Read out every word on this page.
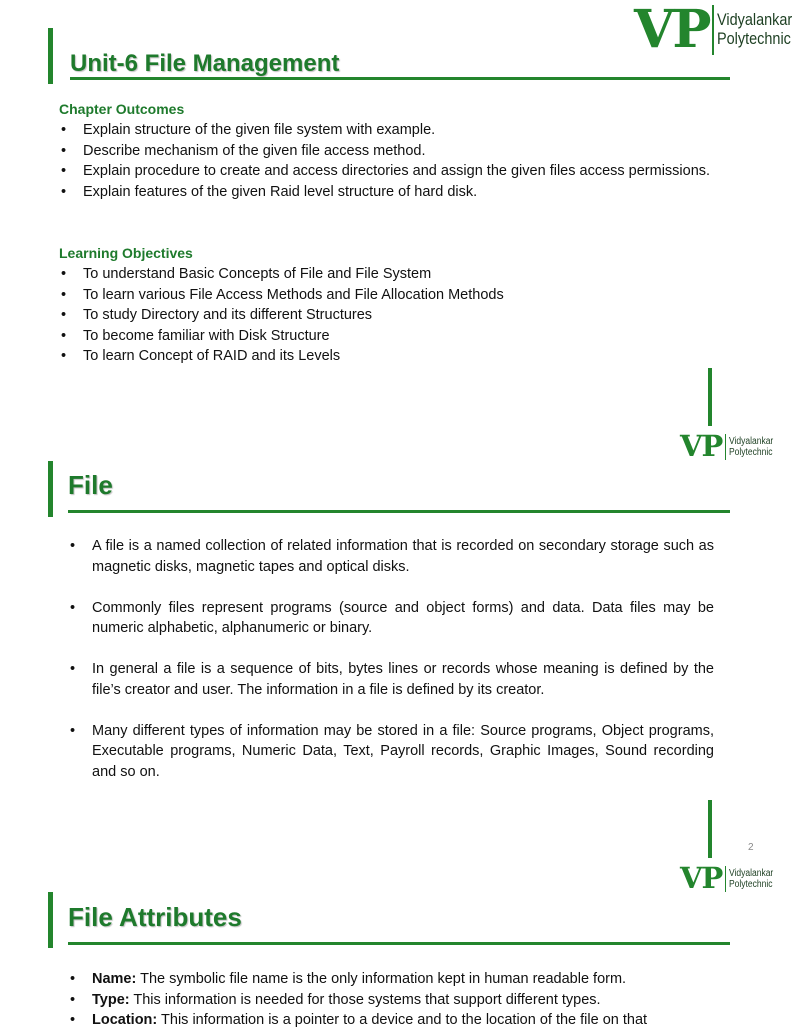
Unit-6 File Management
VP Vidyalankar
Polytechnic
Chapter Outcomes
• Explain structure of the given file system with example.
• Describe mechanism of the given file access method.
• Explain procedure to create and access directories and assign the given files access permissions.
• Explain features of the given Raid level structure of hard disk.
Learning Objectives
• To understand Basic Concepts of File and File System
• To learn various File Access Methods and File Allocation Methods
• To study Directory and its different Structures
• To become familiar with Disk Structure
• To learn Concept of RAID and its Levels
VP Vidyalankar
Polytechnic
File
• A file is a named collection of related information that is recorded on secondary storage such as magnetic disks, magnetic tapes and optical disks.
• Commonly files represent programs (source and object forms) and data. Data files may be numeric alphabetic, alphanumeric or binary.
• In general a file is a sequence of bits, bytes lines or records whose meaning is defined by the file’s creator and user. The information in a file is defined by its creator.
• Many different types of information may be stored in a file: Source programs, Object programs, Executable programs, Numeric Data, Text, Payroll records, Graphic Images, Sound recording and so on.
2
VP Vidyalankar
Polytechnic
File Attributes
• Name: The symbolic file name is the only information kept in human readable form.
• Type: This information is needed for those systems that support different types.
• Location: This information is a pointer to a device and to the location of the file on that
